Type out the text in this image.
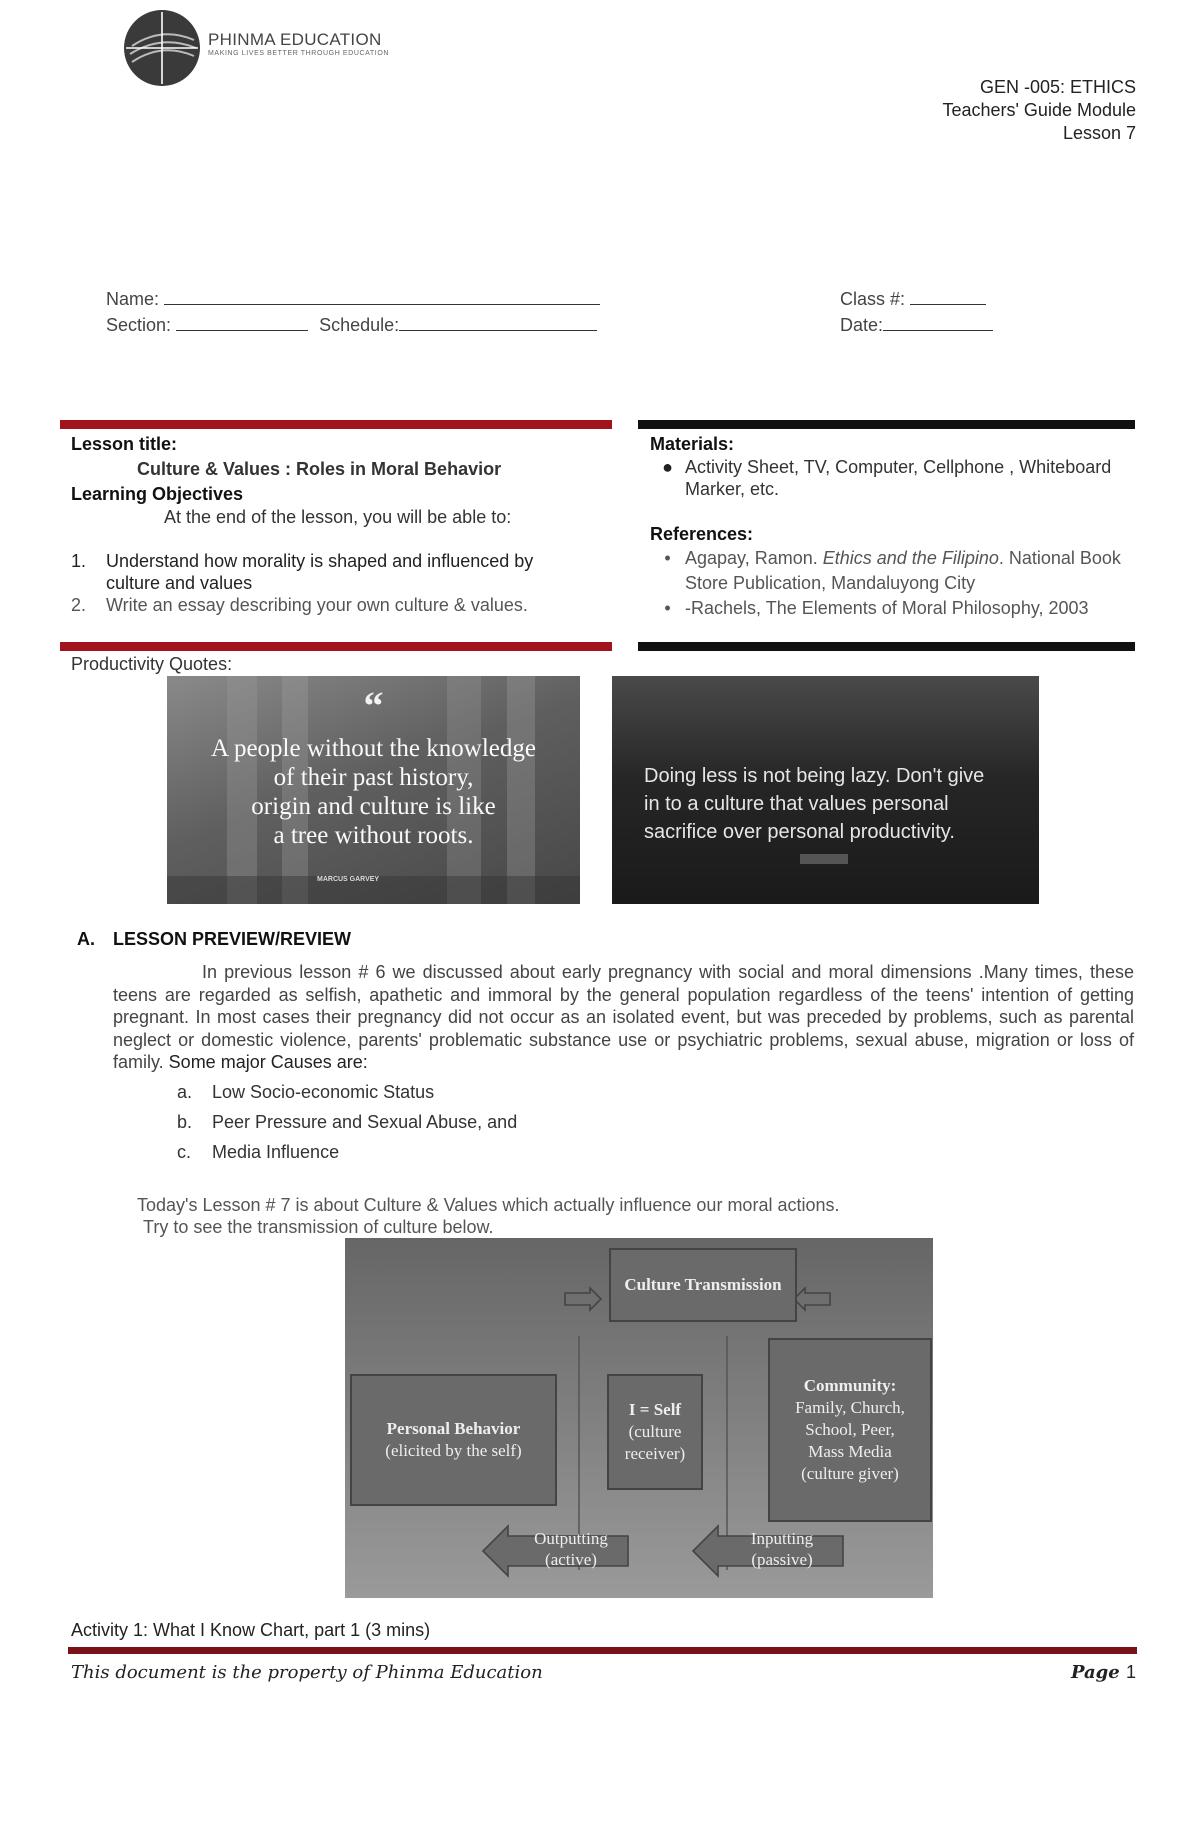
PHINMA EDUCATION
MAKING LIVES BETTER THROUGH EDUCATION
GEN -005: ETHICS
Teachers' Guide Module
Lesson 7
Name:	Class #:
Section:	Schedule:	Date:
Lesson title:
Culture & Values : Roles in Moral Behavior
Learning Objectives
At the end of the lesson, you will be able to:
1.	Understand how morality is shaped and influenced by culture and values
2.	Write an essay describing your own culture & values.
Materials:
● Activity Sheet, TV, Computer, Cellphone , Whiteboard Marker, etc.
References:
• Agapay, Ramon. Ethics and the Filipino. National Book Store Publication, Mandaluyong City
• -Rachels, The Elements of Moral Philosophy, 2003
Productivity Quotes:
“
A people without the knowledge
of their past history,
origin and culture is like
a tree without roots.
MARCUS GARVEY
Doing less is not being lazy. Don't give
in to a culture that values personal
sacrifice over personal productivity.
A. LESSON PREVIEW/REVIEW
In previous lesson # 6 we discussed about early pregnancy with social and moral dimensions .Many times, these teens are regarded as selfish, apathetic and immoral by the general population regardless of the teens' intention of getting pregnant. In most cases their pregnancy did not occur as an isolated event, but was preceded by problems, such as parental neglect or domestic violence, parents' problematic substance use or psychiatric problems, sexual abuse, migration or loss of family. Some major Causes are:
a.	Low Socio-economic Status
b.	Peer Pressure and Sexual Abuse, and
c.	Media Influence
Today's Lesson # 7 is about Culture & Values which actually influence our moral actions.
Try to see the transmission of culture below.
Culture Transmission
Personal Behavior
(elicited by the self)
I = Self
(culture
receiver)
Community:
Family, Church,
School, Peer,
Mass Media
(culture giver)
Outputting
(active)
Inputting
(passive)
Activity 1: What I Know Chart, part 1 (3 mins)
This document is the property of Phinma Education	Page 1
